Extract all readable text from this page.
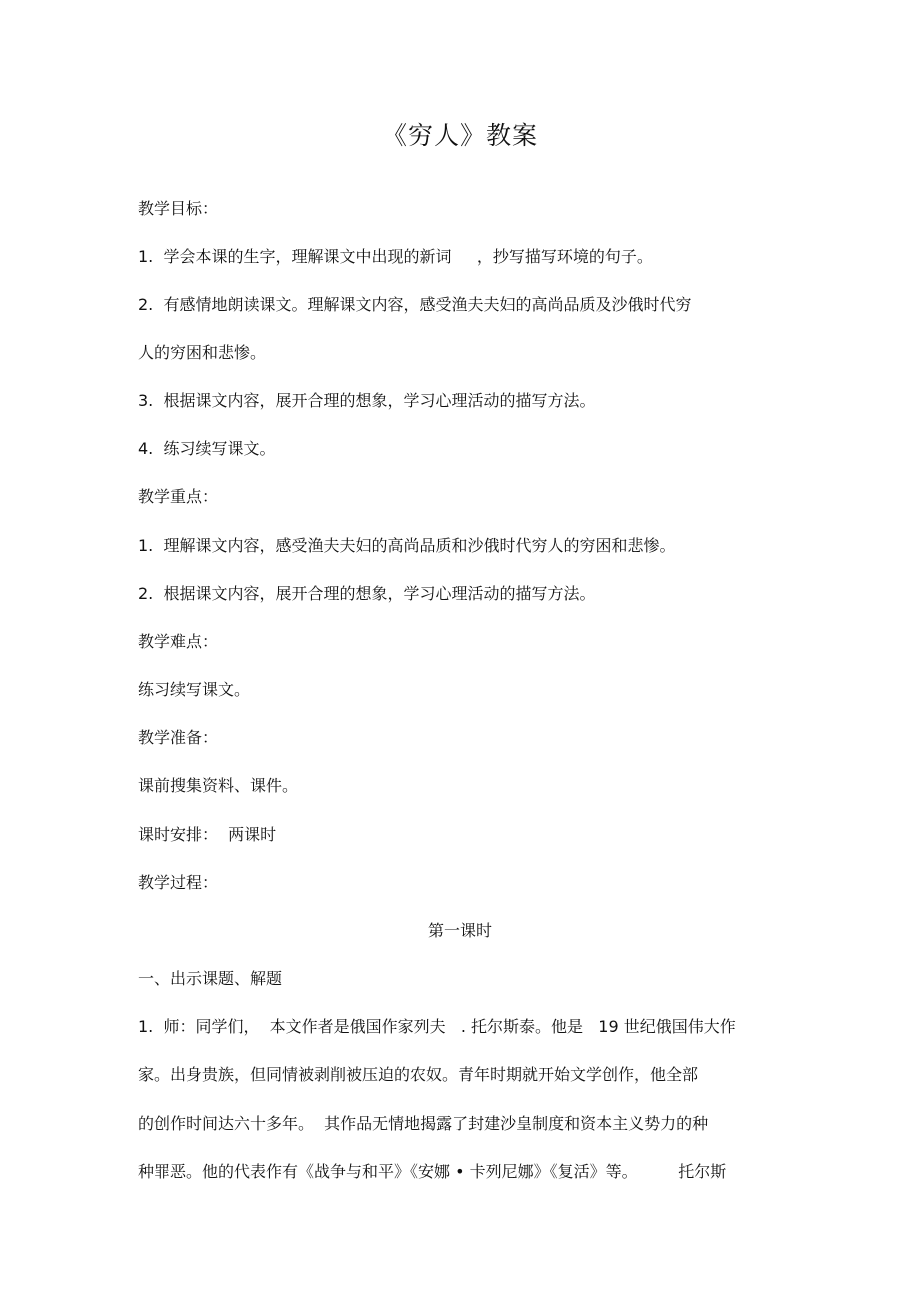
《穷人》教案
教学目标：
1.  学会本课的生字，理解课文中出现的新词     ，抄写描写环境的句子。
2.  有感情地朗读课文。理解课文内容，感受渔夫夫妇的高尚品质及沙俄时代穷
人的穷困和悲惨。
3.  根据课文内容，展开合理的想象，学习心理活动的描写方法。
4.  练习续写课文。
教学重点：
1.  理解课文内容，感受渔夫夫妇的高尚品质和沙俄时代穷人的穷困和悲惨。
2.  根据课文内容，展开合理的想象，学习心理活动的描写方法。
教学难点：
练习续写课文。
教学准备：
课前搜集资料、课件。
课时安排：  两课时
教学过程：
第一课时
一、出示课题、解题
1.  师：同学们，  本文作者是俄国作家列夫   . 托尔斯泰。他是   19 世纪俄国伟大作
家。出身贵族，但同情被剥削被压迫的农奴。青年时期就开始文学创作，他全部
的创作时间达六十多年。  其作品无情地揭露了封建沙皇制度和资本主义势力的种
种罪恶。他的代表作有《战争与和平》《安娜 • 卡列尼娜》《复活》等。        托尔斯
